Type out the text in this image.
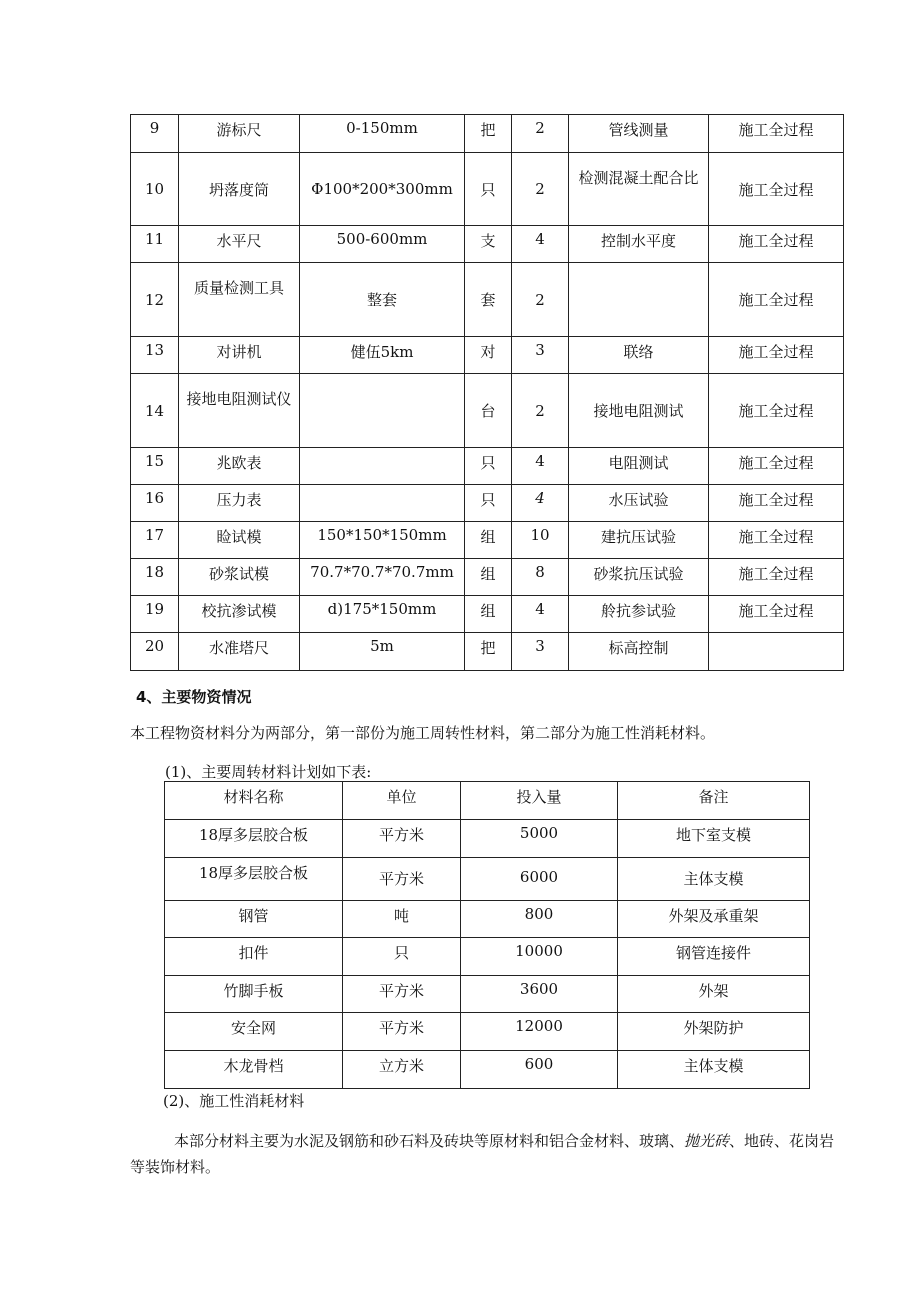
9	游标尺	0-150mm	把	2	管线测量	施工全过程
10	坍落度筒	Φ100*200*300mm	只	2	检测混凝土配合比	施工全过程
11	水平尺	500-600mm	支	4	控制水平度	施工全过程
12	质量检测工具	整套	套	2		施工全过程
13	对讲机	健伍5km	对	3	联络	施工全过程
14	接地电阻测试仪		台	2	接地电阻测试	施工全过程
15	兆欧表		只	4	电阻测试	施工全过程
16	压力表		只	4	水压试验	施工全过程
17	睑试模	150*150*150mm	组	10	建抗压试验	施工全过程
18	砂浆试模	70.7*70.7*70.7mm	组	8	砂浆抗压试验	施工全过程
19	校抗渗试模	d)175*150mm	组	4	舲抗参试验	施工全过程
20	水准塔尺	5m	把	3	标高控制	
4、主要物资情况
本工程物资材料分为两部分，第一部份为施工周转性材料，第二部分为施工性消耗材料。
(1)、主要周转材料计划如下表:
材料名称	单位	投入量	备注
18厚多层胶合板	平方米	5000	地下室支模
18厚多层胶合板	平方米	6000	主体支模
钢管	吨	800	外架及承重架
扣件	只	10000	钢管连接件
竹脚手板	平方米	3600	外架
安全网	平方米	12000	外架防护
木龙骨档	立方米	600	主体支模
(2)、施工性消耗材料
本部分材料主要为水泥及钢筋和砂石料及砖块等原材料和铝合金材料、玻璃、抛光砖、地砖、花岗岩等装饰材料。
